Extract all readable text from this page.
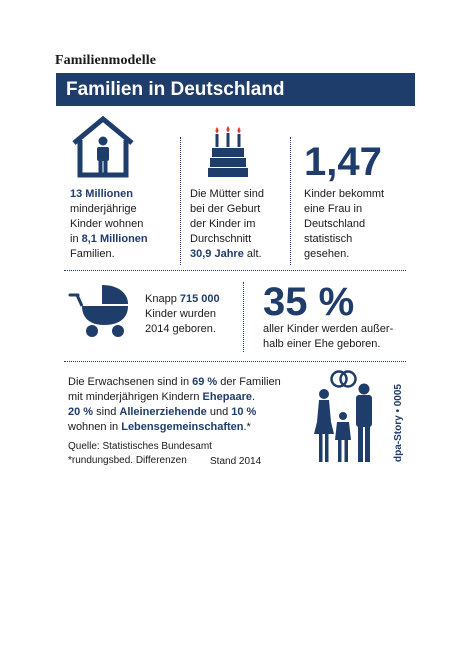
Familienmodelle
Familien in Deutschland
13 Millionen
minderjährige
Kinder wohnen
in 8,1 Millionen
Familien.
Die Mütter sind
bei der Geburt
der Kinder im
Durchschnitt
30,9 Jahre alt.
1,47
Kinder bekommt
eine Frau in
Deutschland
statistisch
gesehen.
Knapp 715 000
Kinder wurden
2014 geboren.
35 %
aller Kinder werden außer-
halb einer Ehe geboren.
Die Erwachsenen sind in 69 % der Familien
mit minderjährigen Kindern Ehepaare.
20 % sind Alleinerziehende und 10 %
wohnen in Lebensgemeinschaften.*
Quelle: Statistisches Bundesamt
*rundungsbed. Differenzen	Stand 2014	dpa-Story • 0005
